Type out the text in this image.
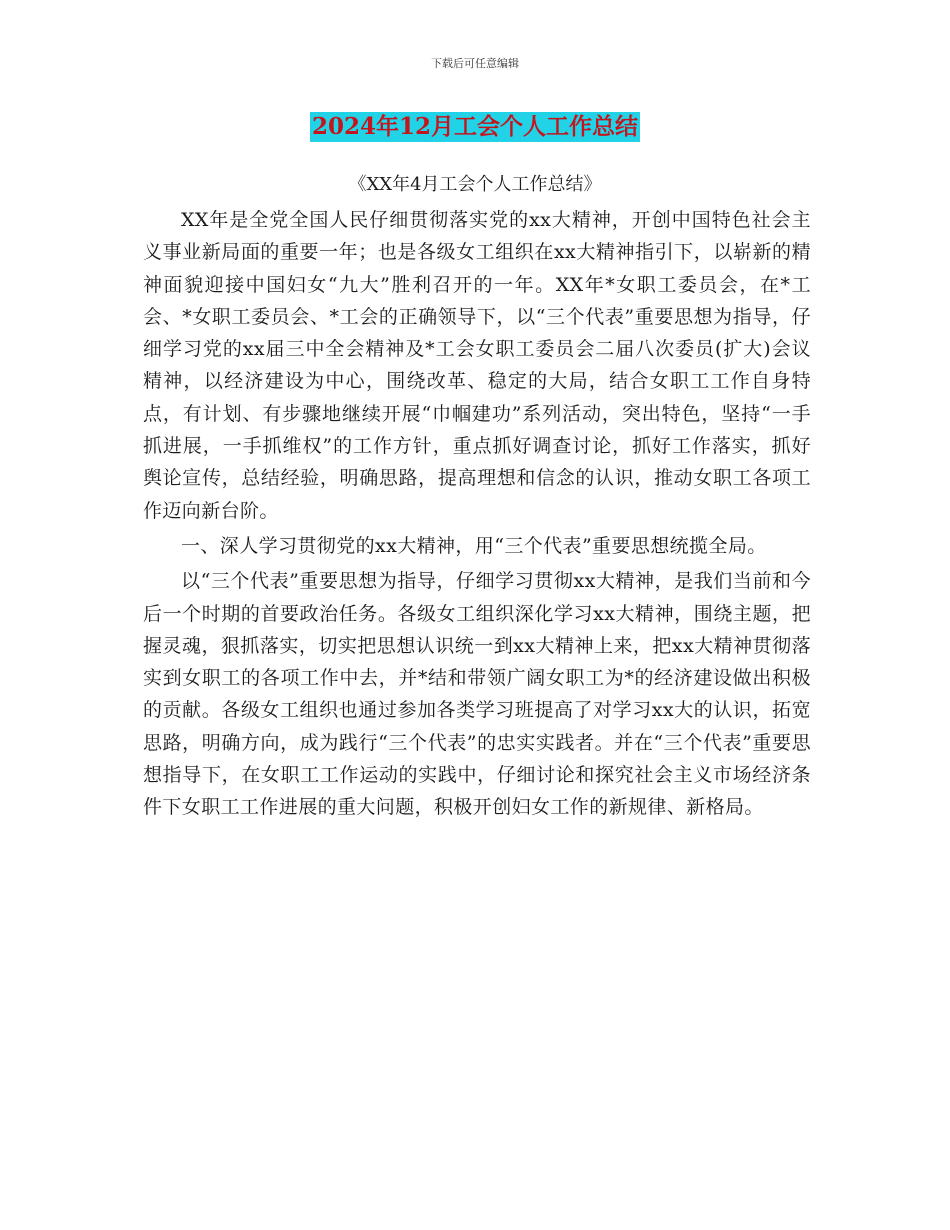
下载后可任意编辑
2024年12月工会个人工作总结
《XX年4月工会个人工作总结》

XX年是全党全国人民仔细贯彻落实党的xx大精神，开创中国特色社会主义事业新局面的重要一年；也是各级女工组织在xx大精神指引下，以崭新的精神面貌迎接中国妇女“九大”胜利召开的一年。XX年*女职工委员会，在*工会、*女职工委员会、*工会的正确领导下，以“三个代表”重要思想为指导，仔细学习党的xx届三中全会精神及*工会女职工委员会二届八次委员(扩大)会议精神，以经济建设为中心，围绕改革、稳定的大局，结合女职工工作自身特点，有计划、有步骤地继续开展“巾帼建功”系列活动，突出特色，坚持“一手抓进展，一手抓维权”的工作方针，重点抓好调查讨论，抓好工作落实，抓好舆论宣传，总结经验，明确思路，提高理想和信念的认识，推动女职工各项工作迈向新台阶。

一、深人学习贯彻党的xx大精神，用“三个代表”重要思想统揽全局。

以“三个代表”重要思想为指导，仔细学习贯彻xx大精神，是我们当前和今后一个时期的首要政治任务。各级女工组织深化学习xx大精神，围绕主题，把握灵魂，狠抓落实，切实把思想认识统一到xx大精神上来，把xx大精神贯彻落实到女职工的各项工作中去，并*结和带领广阔女职工为*的经济建设做出积极的贡献。各级女工组织也通过参加各类学习班提高了对学习xx大的认识，拓宽思路，明确方向，成为践行“三个代表”的忠实实践者。并在“三个代表”重要思想指导下，在女职工工作运动的实践中，仔细讨论和探究社会主义市场经济条件下女职工工作进展的重大问题，积极开创妇女工作的新规律、新格局。
